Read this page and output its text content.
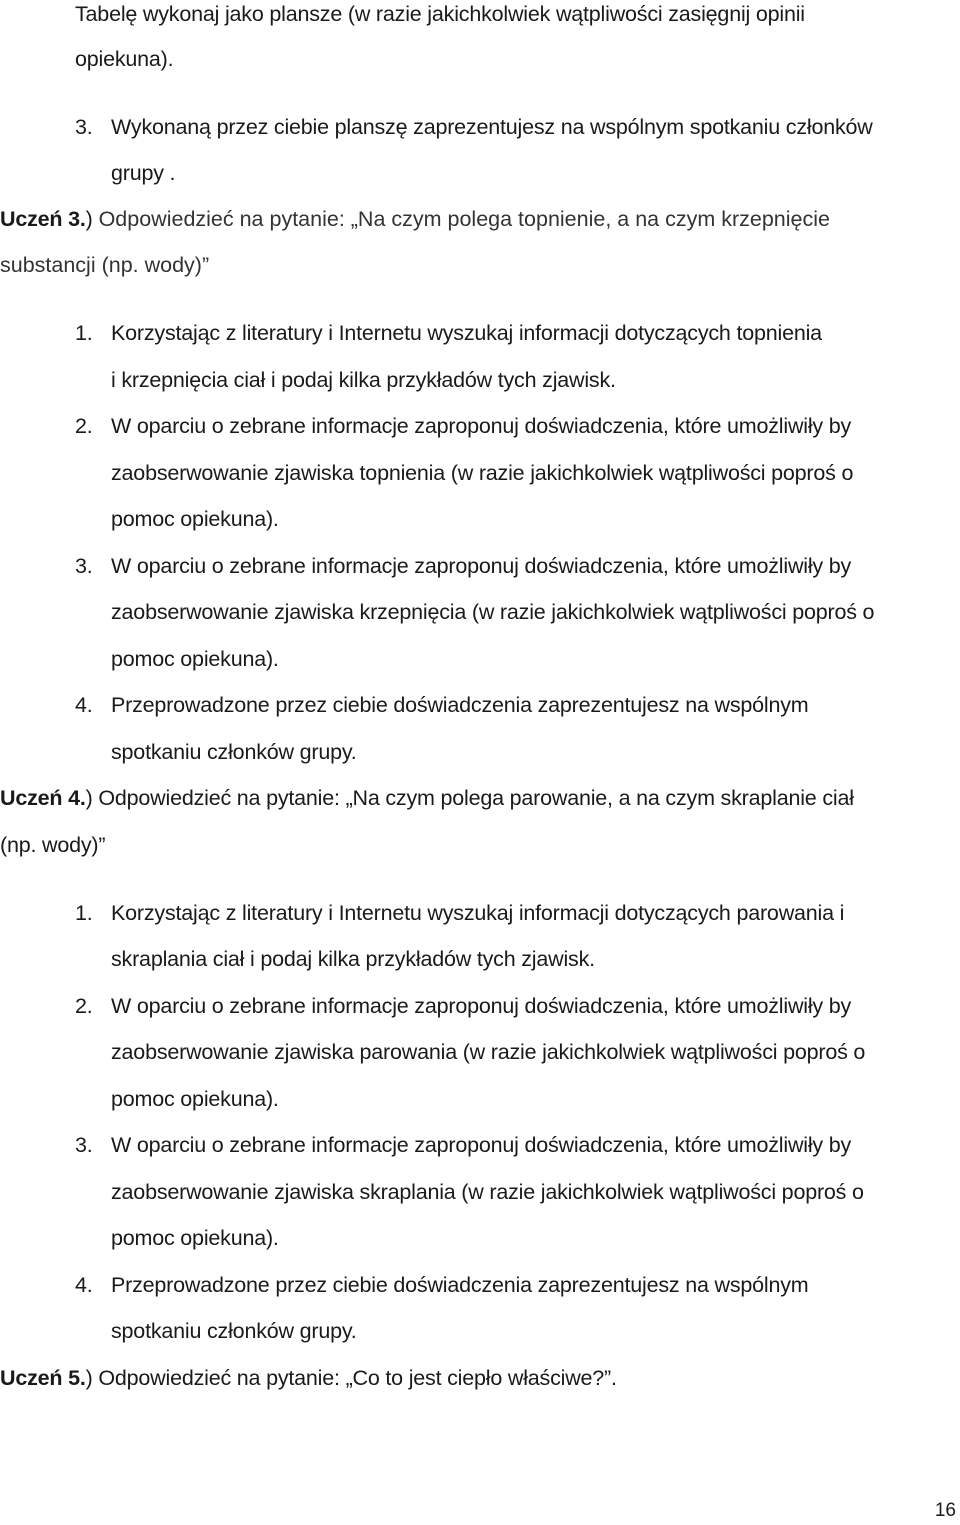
Tabelę wykonaj jako plansze (w razie jakichkolwiek wątpliwości zasięgnij opinii
opiekuna).
3. Wykonaną przez ciebie planszę zaprezentujesz na wspólnym spotkaniu członków
grupy .
Uczeń 3.) Odpowiedzieć na pytanie: „Na czym polega topnienie, a na czym krzepnięcie
substancji (np. wody)”
1. Korzystając z literatury i Internetu wyszukaj informacji dotyczących topnienia
i krzepnięcia ciał i podaj kilka przykładów tych zjawisk.
2. W oparciu o zebrane informacje zaproponuj doświadczenia, które umożliwiły by
zaobserwowanie zjawiska topnienia (w razie jakichkolwiek wątpliwości poproś o
pomoc opiekuna).
3. W oparciu o zebrane informacje zaproponuj doświadczenia, które umożliwiły by
zaobserwowanie zjawiska krzepnięcia (w razie jakichkolwiek wątpliwości poproś o
pomoc opiekuna).
4. Przeprowadzone przez ciebie doświadczenia zaprezentujesz na wspólnym
spotkaniu członków grupy.
Uczeń 4.) Odpowiedzieć na pytanie: „Na czym polega parowanie, a na czym skraplanie ciał
(np. wody)”
1. Korzystając z literatury i Internetu wyszukaj informacji dotyczących parowania i
skraplania ciał i podaj kilka przykładów tych zjawisk.
2. W oparciu o zebrane informacje zaproponuj doświadczenia, które umożliwiły by
zaobserwowanie zjawiska parowania (w razie jakichkolwiek wątpliwości poproś o
pomoc opiekuna).
3. W oparciu o zebrane informacje zaproponuj doświadczenia, które umożliwiły by
zaobserwowanie zjawiska skraplania (w razie jakichkolwiek wątpliwości poproś o
pomoc opiekuna).
4. Przeprowadzone przez ciebie doświadczenia zaprezentujesz na wspólnym
spotkaniu członków grupy.
Uczeń 5.) Odpowiedzieć na pytanie: „Co to jest ciepło właściwe?”.
16
